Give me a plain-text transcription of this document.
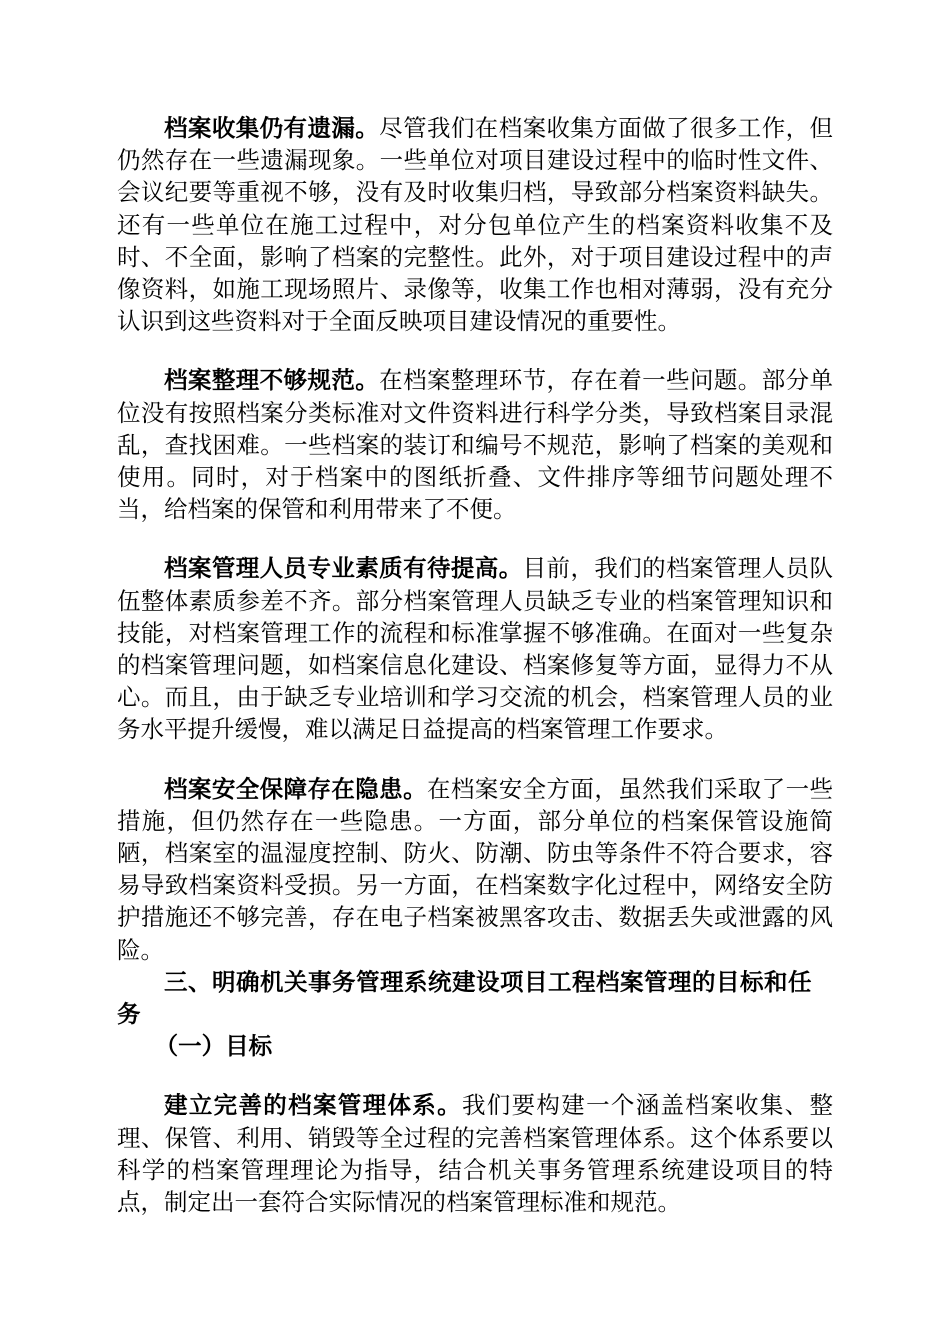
档案收集仍有遗漏。尽管我们在档案收集方面做了很多工作，但仍然存在一些遗漏现象。一些单位对项目建设过程中的临时性文件、会议纪要等重视不够，没有及时收集归档，导致部分档案资料缺失。还有一些单位在施工过程中，对分包单位产生的档案资料收集不及时、不全面，影响了档案的完整性。此外，对于项目建设过程中的声像资料，如施工现场照片、录像等，收集工作也相对薄弱，没有充分认识到这些资料对于全面反映项目建设情况的重要性。

档案整理不够规范。在档案整理环节，存在着一些问题。部分单位没有按照档案分类标准对文件资料进行科学分类，导致档案目录混乱，查找困难。一些档案的装订和编号不规范，影响了档案的美观和使用。同时，对于档案中的图纸折叠、文件排序等细节问题处理不当，给档案的保管和利用带来了不便。

档案管理人员专业素质有待提高。目前，我们的档案管理人员队伍整体素质参差不齐。部分档案管理人员缺乏专业的档案管理知识和技能，对档案管理工作的流程和标准掌握不够准确。在面对一些复杂的档案管理问题，如档案信息化建设、档案修复等方面，显得力不从心。而且，由于缺乏专业培训和学习交流的机会，档案管理人员的业务水平提升缓慢，难以满足日益提高的档案管理工作要求。

档案安全保障存在隐患。在档案安全方面，虽然我们采取了一些措施，但仍然存在一些隐患。一方面，部分单位的档案保管设施简陋，档案室的温湿度控制、防火、防潮、防虫等条件不符合要求，容易导致档案资料受损。另一方面，在档案数字化过程中，网络安全防护措施还不够完善，存在电子档案被黑客攻击、数据丢失或泄露的风险。

三、明确机关事务管理系统建设项目工程档案管理的目标和任务

（一）目标

建立完善的档案管理体系。我们要构建一个涵盖档案收集、整理、保管、利用、销毁等全过程的完善档案管理体系。这个体系要以科学的档案管理理论为指导，结合机关事务管理系统建设项目的特点，制定出一套符合实际情况的档案管理标准和规范。
